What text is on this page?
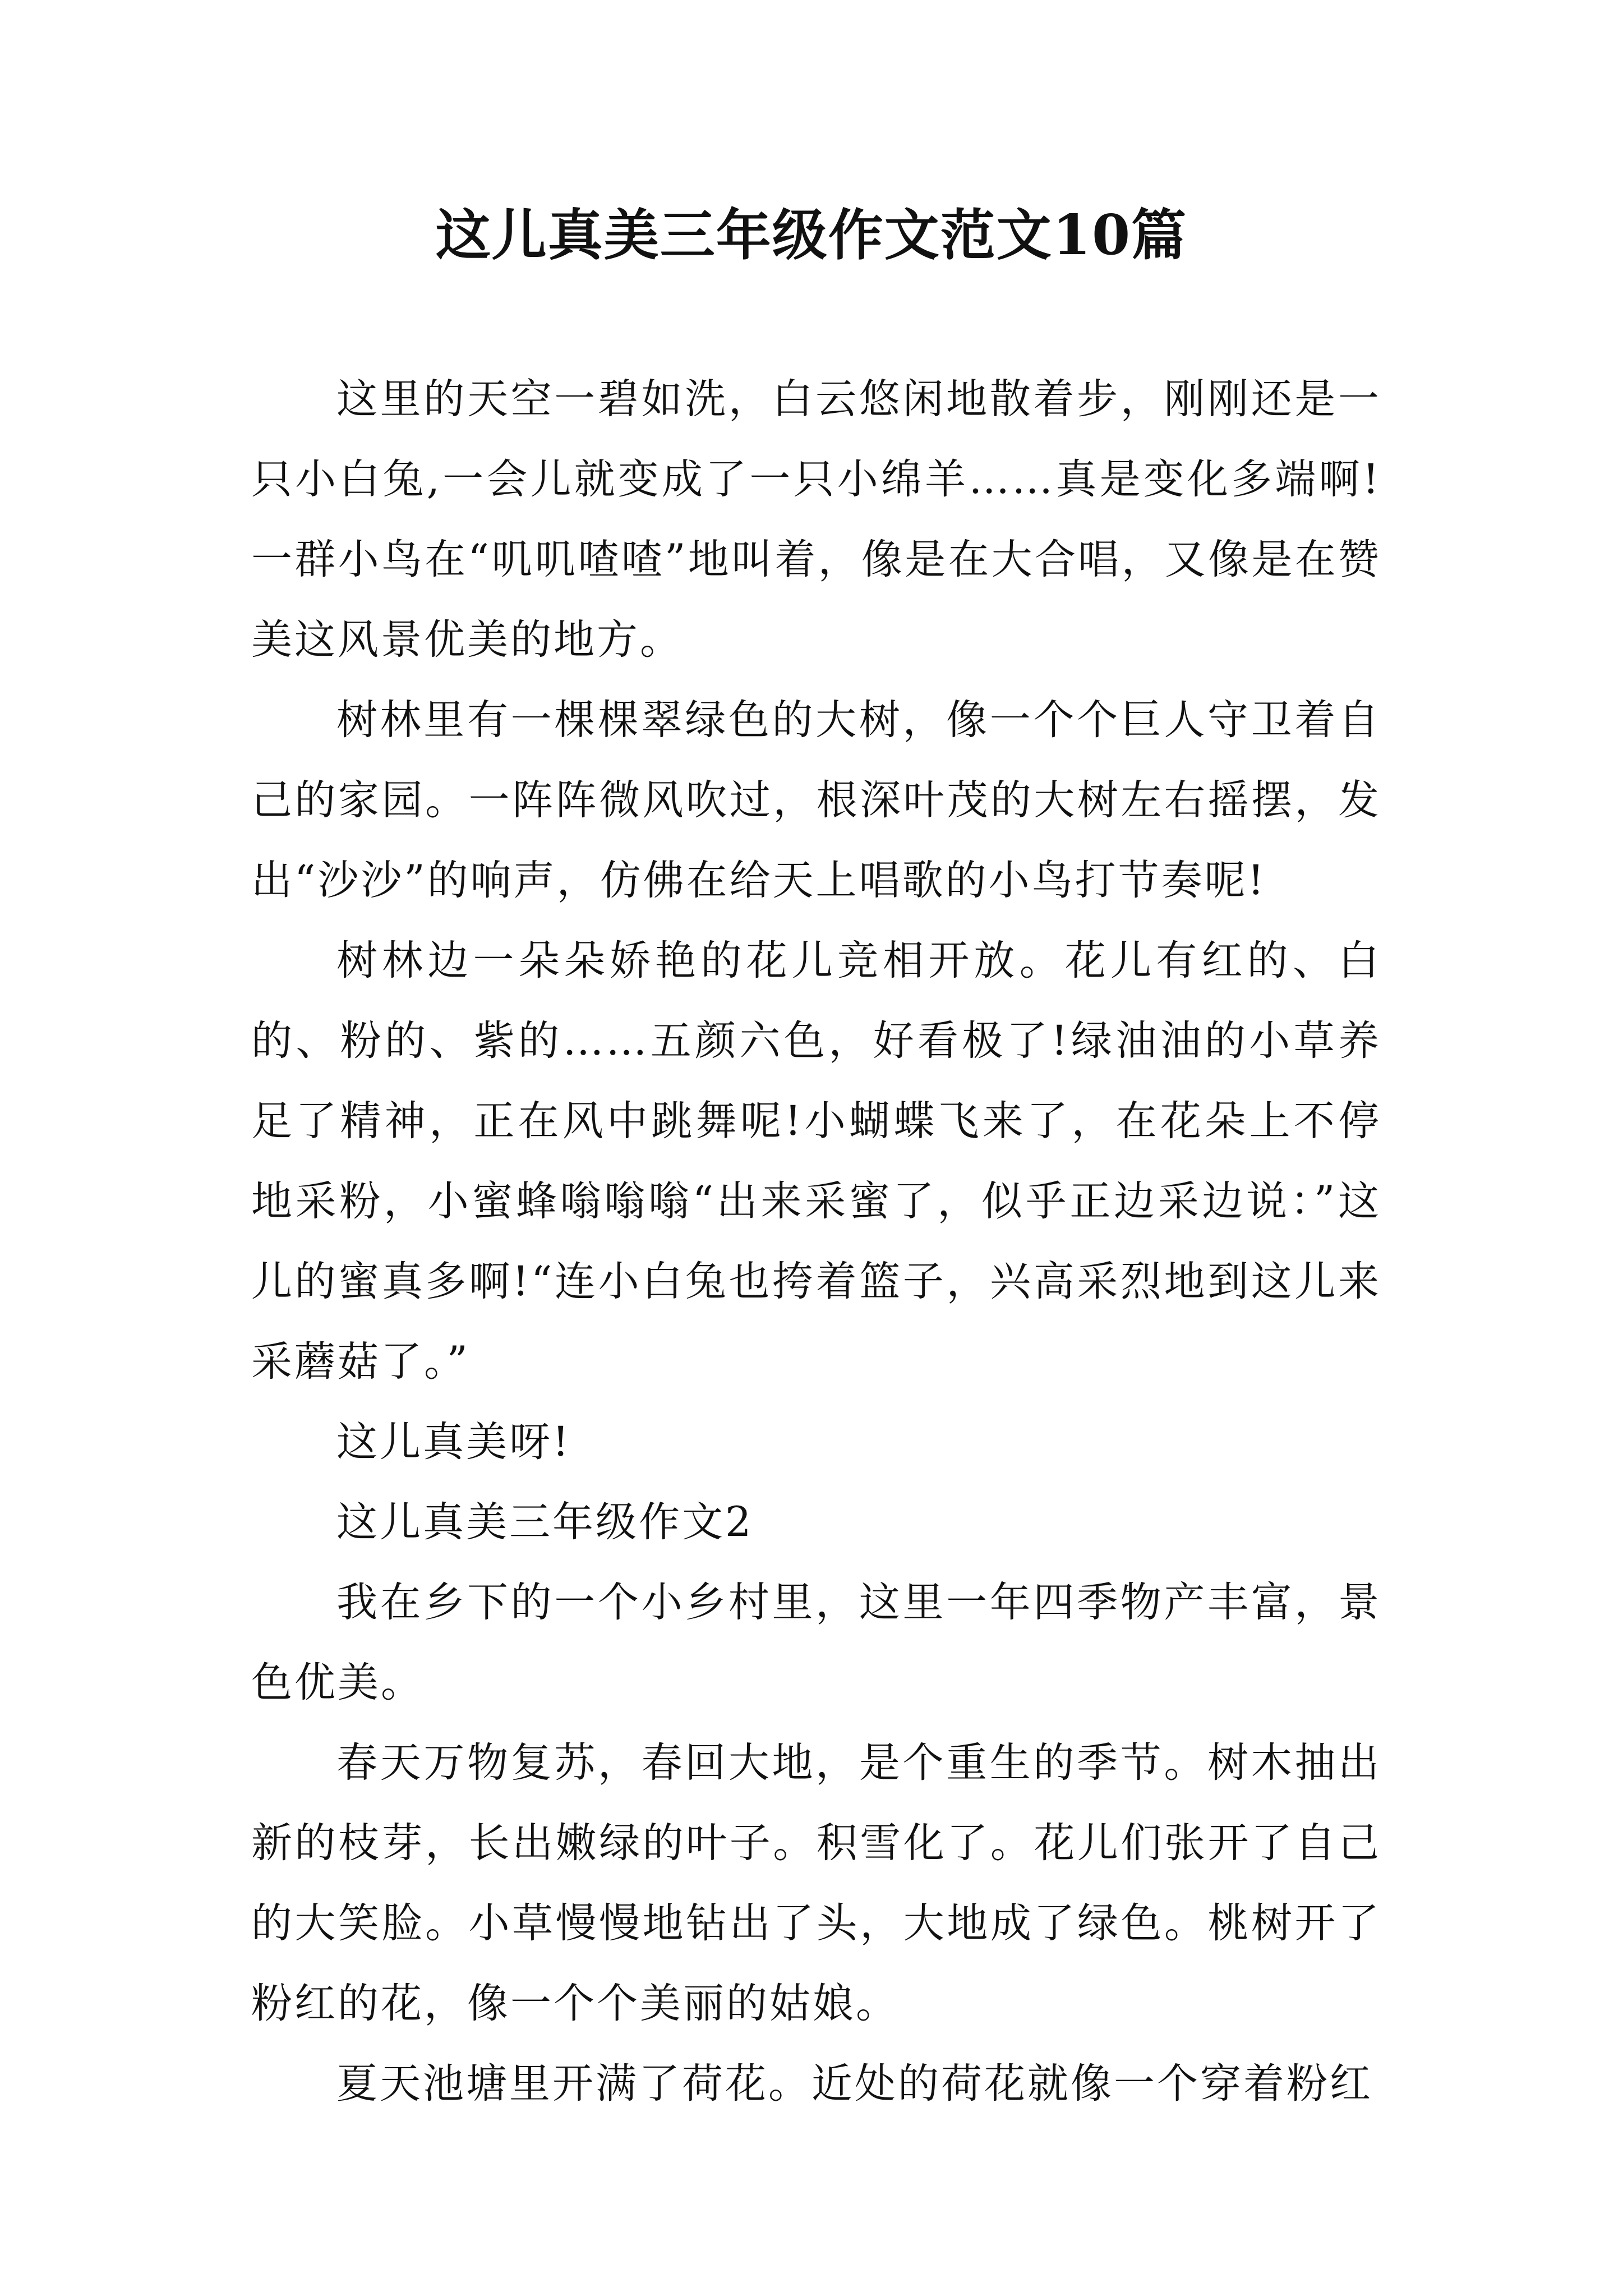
这儿真美三年级作文范文10篇

这里的天空一碧如洗，白云悠闲地散着步，刚刚还是一只小白兔,一会儿就变成了一只小绵羊……真是变化多端啊!一群小鸟在“叽叽喳喳”地叫着，像是在大合唱，又像是在赞美这风景优美的地方。

树林里有一棵棵翠绿色的大树，像一个个巨人守卫着自己的家园。一阵阵微风吹过，根深叶茂的大树左右摇摆，发出“沙沙”的响声，仿佛在给天上唱歌的小鸟打节奏呢!

树林边一朵朵娇艳的花儿竞相开放。花儿有红的、白的、粉的、紫的……五颜六色，好看极了!绿油油的小草养足了精神，正在风中跳舞呢!小蝴蝶飞来了，在花朵上不停地采粉，小蜜蜂嗡嗡嗡“出来采蜜了，似乎正边采边说：”这儿的蜜真多啊!“连小白兔也挎着篮子，兴高采烈地到这儿来采蘑菇了。”

这儿真美呀!

这儿真美三年级作文2

我在乡下的一个小乡村里，这里一年四季物产丰富，景色优美。

春天万物复苏，春回大地，是个重生的季节。树木抽出新的枝芽，长出嫩绿的叶子。积雪化了。花儿们张开了自己的大笑脸。小草慢慢地钻出了头，大地成了绿色。桃树开了粉红的花，像一个个美丽的姑娘。

夏天池塘里开满了荷花。近处的荷花就像一个穿着粉红
